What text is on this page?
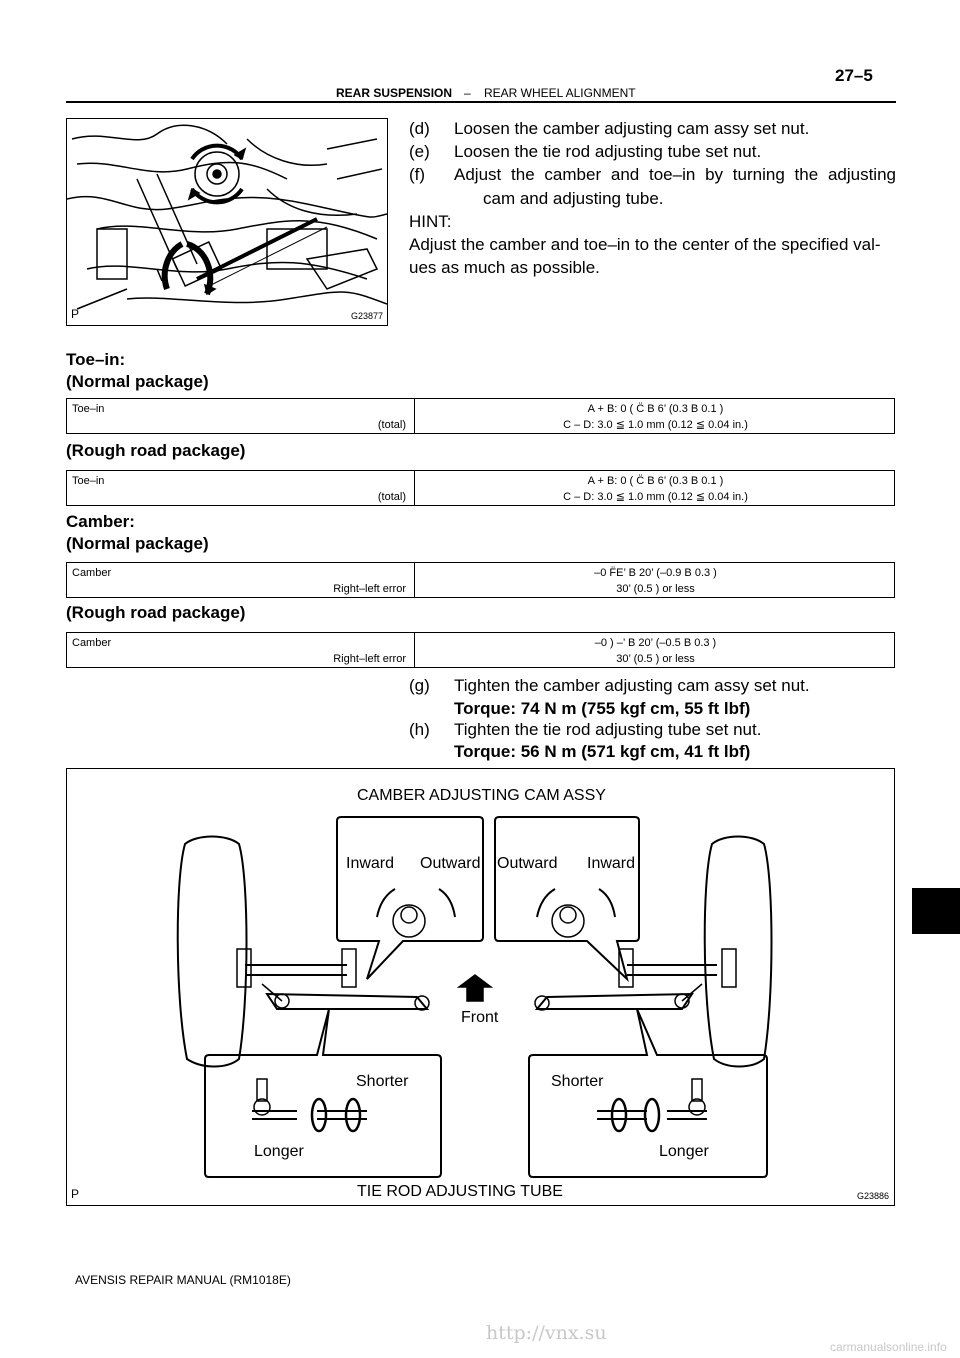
27–5
REAR SUSPENSION – REAR WHEEL ALIGNMENT
P	G23877
(d) Loosen the camber adjusting cam assy set nut.
(e) Loosen the tie rod adjusting tube set nut.
(f) Adjust the camber and toe–in by turning the adjusting
cam and adjusting tube.
HINT:
Adjust the camber and toe–in to the center of the specified val-
ues as much as possible.
Toe–in:
(Normal package)
Toe–in
(total)
A + B: 0 ( C̈ B 6’ (0.3 B 0.1 )
C – D: 3.0 ≦ 1.0 mm (0.12 ≦ 0.04 in.)
(Rough road package)
Toe–in
(total)
A + B: 0 ( C̈ B 6’ (0.3 B 0.1 )
C – D: 3.0 ≦ 1.0 mm (0.12 ≦ 0.04 in.)
Camber:
(Normal package)
Camber
Right–left error
–0 F̈E’ B 20’ (–0.9 B 0.3 )
30’ (0.5 ) or less
(Rough road package)
Camber
Right–left error
–0 ) –’ B 20’ (–0.5 B 0.3 )
30’ (0.5 ) or less
(g) Tighten the camber adjusting cam assy set nut.
Torque: 74 N m (755 kgf cm, 55 ft lbf)
(h) Tighten the tie rod adjusting tube set nut.
Torque: 56 N m (571 kgf cm, 41 ft lbf)
CAMBER ADJUSTING CAM ASSY
Inward Outward Outward Inward
Front
Shorter
Longer
Shorter
Longer
TIE ROD ADJUSTING TUBE
P	G23886
AVENSIS REPAIR MANUAL (RM1018E)
http://vnx.su
carmanualsonline.info
